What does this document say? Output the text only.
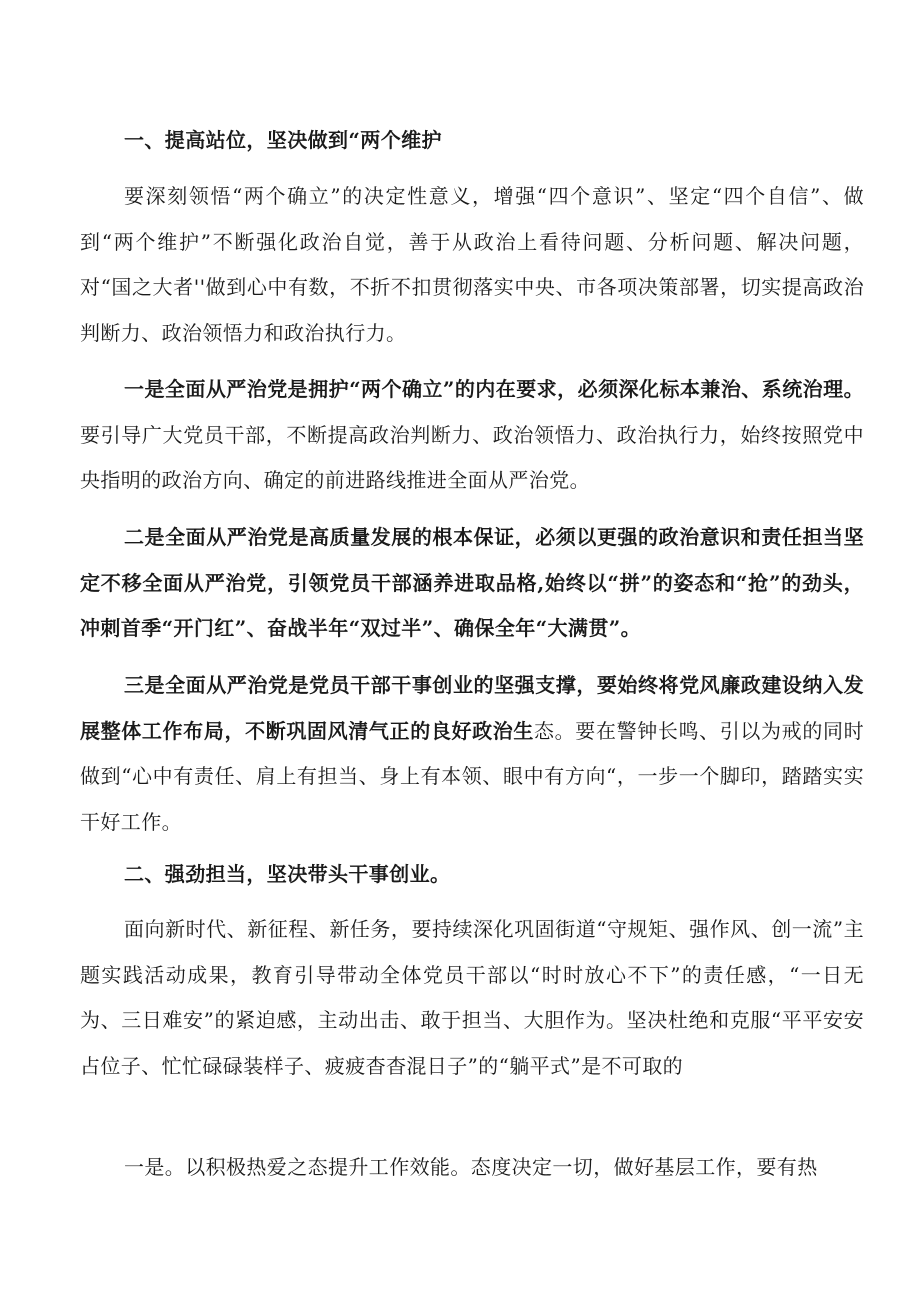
一、提高站位，坚决做到“两个维护

要深刻领悟“两个确立”的决定性意义，增强“四个意识”、坚定“四个自信”、做到“两个维护”不断强化政治自觉，善于从政治上看待问题、分析问题、解决问题，对“国之大者''做到心中有数，不折不扣贯彻落实中央、市各项决策部署，切实提高政治判断力、政治领悟力和政治执行力。

一是全面从严治党是拥护“两个确立”的内在要求，必须深化标本兼治、系统治理。要引导广大党员干部，不断提高政治判断力、政治领悟力、政治执行力，始终按照党中央指明的政治方向、确定的前进路线推进全面从严治党。

二是全面从严治党是高质量发展的根本保证，必须以更强的政治意识和责任担当坚定不移全面从严治党，引领党员干部涵养进取品格,始终以“拼”的姿态和“抢”的劲头，冲刺首季“开门红”、奋战半年“双过半”、确保全年“大满贯”。

三是全面从严治党是党员干部干事创业的坚强支撑，要始终将党风廉政建设纳入发展整体工作布局，不断巩固风清气正的良好政治生态。要在警钟长鸣、引以为戒的同时做到“心中有责任、肩上有担当、身上有本领、眼中有方向“，一步一个脚印，踏踏实实干好工作。

二、强劲担当，坚决带头干事创业。

面向新时代、新征程、新任务，要持续深化巩固街道“守规矩、强作风、创一流”主题实践活动成果，教育引导带动全体党员干部以“时时放心不下”的责任感，“一日无为、三日难安”的紧迫感，主动出击、敢于担当、大胆作为。坚决杜绝和克服“平平安安占位子、忙忙碌碌装样子、疲疲杳杳混日子”的“躺平式”是不可取的

一是。以积极热爱之态提升工作效能。态度决定一切，做好基层工作，要有热
